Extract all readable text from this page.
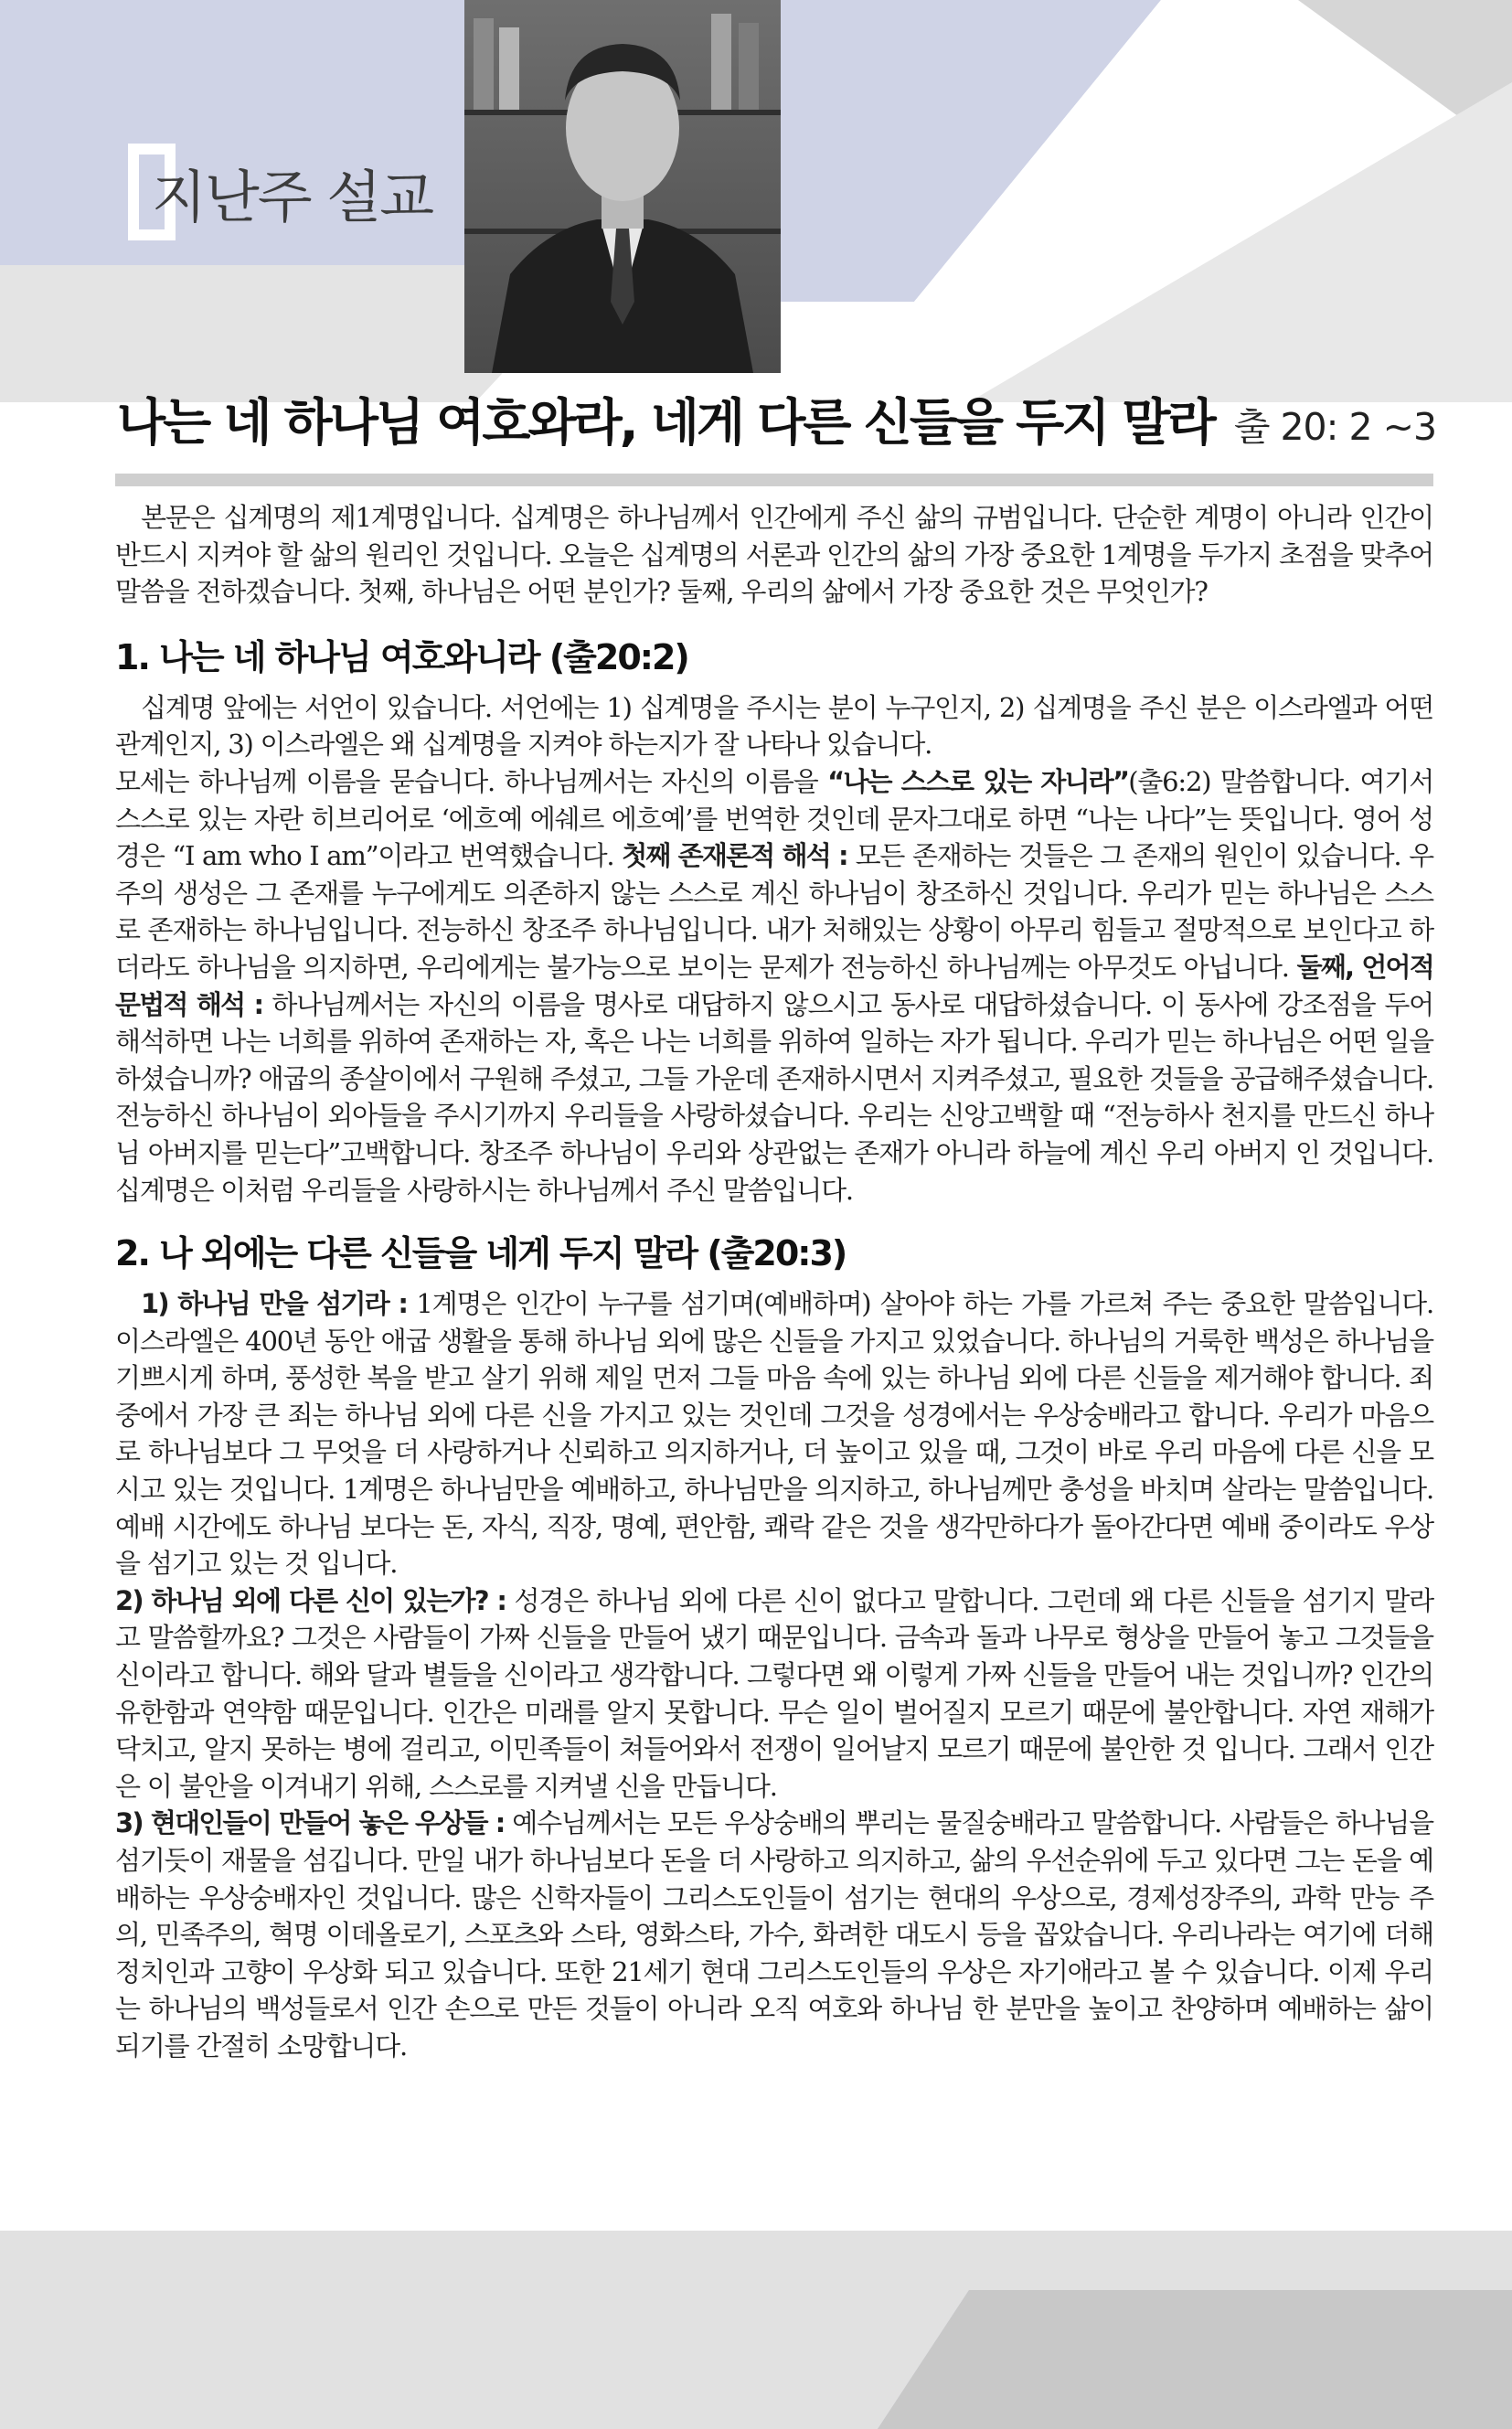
지난주 설교
나는 네 하나님 여호와라, 네게 다른 신들을 두지 말라 출 20: 2 ~3

본문은 십계명의 제1계명입니다. 십계명은 하나님께서 인간에게 주신 삶의 규범입니다. 단순한 계명이 아니라 인간이 반드시 지켜야 할 삶의 원리인 것입니다. 오늘은 십계명의 서론과 인간의 삶의 가장 중요한 1계명을 두가지 초점을 맞추어 말씀을 전하겠습니다. 첫째, 하나님은 어떤 분인가? 둘째, 우리의 삶에서 가장 중요한 것은 무엇인가?

1. 나는 네 하나님 여호와니라 (출20:2)

십계명 앞에는 서언이 있습니다. 서언에는 1) 십계명을 주시는 분이 누구인지, 2) 십계명을 주신 분은 이스라엘과 어떤 관계인지, 3) 이스라엘은 왜 십계명을 지켜야 하는지가 잘 나타나 있습니다.

모세는 하나님께 이름을 묻습니다. 하나님께서는 자신의 이름을 “나는 스스로 있는 자니라”(출6:2) 말씀합니다. 여기서 스스로 있는 자란 히브리어로 ‘에흐예 에쉐르 에흐예’를 번역한 것인데 문자그대로 하면 “나는 나다”는 뜻입니다. 영어 성경은 “I am who I am”이라고 번역했습니다. 첫째 존재론적 해석 : 모든 존재하는 것들은 그 존재의 원인이 있습니다. 우주의 생성은 그 존재를 누구에게도 의존하지 않는 스스로 계신 하나님이 창조하신 것입니다. 우리가 믿는 하나님은 스스로 존재하는 하나님입니다. 전능하신 창조주 하나님입니다. 내가 처해있는 상황이 아무리 힘들고 절망적으로 보인다고 하더라도 하나님을 의지하면, 우리에게는 불가능으로 보이는 문제가 전능하신 하나님께는 아무것도 아닙니다. 둘째, 언어적 문법적 해석 : 하나님께서는 자신의 이름을 명사로 대답하지 않으시고 동사로 대답하셨습니다. 이 동사에 강조점을 두어 해석하면 나는 너희를 위하여 존재하는 자, 혹은 나는 너희를 위하여 일하는 자가 됩니다. 우리가 믿는 하나님은 어떤 일을 하셨습니까? 애굽의 종살이에서 구원해 주셨고, 그들 가운데 존재하시면서 지켜주셨고, 필요한 것들을 공급해주셨습니다. 전능하신 하나님이 외아들을 주시기까지 우리들을 사랑하셨습니다. 우리는 신앙고백할 때 “전능하사 천지를 만드신 하나님 아버지를 믿는다”고백합니다. 창조주 하나님이 우리와 상관없는 존재가 아니라 하늘에 계신 우리 아버지 인 것입니다. 십계명은 이처럼 우리들을 사랑하시는 하나님께서 주신 말씀입니다.

2. 나 외에는 다른 신들을 네게 두지 말라 (출20:3)

1) 하나님 만을 섬기라 : 1계명은 인간이 누구를 섬기며(예배하며) 살아야 하는 가를 가르쳐 주는 중요한 말씀입니다. 이스라엘은 400년 동안 애굽 생활을 통해 하나님 외에 많은 신들을 가지고 있었습니다. 하나님의 거룩한 백성은 하나님을 기쁘시게 하며, 풍성한 복을 받고 살기 위해 제일 먼저 그들 마음 속에 있는 하나님 외에 다른 신들을 제거해야 합니다. 죄 중에서 가장 큰 죄는 하나님 외에 다른 신을 가지고 있는 것인데 그것을 성경에서는 우상숭배라고 합니다. 우리가 마음으로 하나님보다 그 무엇을 더 사랑하거나 신뢰하고 의지하거나, 더 높이고 있을 때, 그것이 바로 우리 마음에 다른 신을 모시고 있는 것입니다. 1계명은 하나님만을 예배하고, 하나님만을 의지하고, 하나님께만 충성을 바치며 살라는 말씀입니다. 예배 시간에도 하나님 보다는 돈, 자식, 직장, 명예, 편안함, 쾌락 같은 것을 생각만하다가 돌아간다면 예배 중이라도 우상을 섬기고 있는 것 입니다.

2) 하나님 외에 다른 신이 있는가? : 성경은 하나님 외에 다른 신이 없다고 말합니다. 그런데 왜 다른 신들을 섬기지 말라고 말씀할까요? 그것은 사람들이 가짜 신들을 만들어 냈기 때문입니다. 금속과 돌과 나무로 형상을 만들어 놓고 그것들을 신이라고 합니다. 해와 달과 별들을 신이라고 생각합니다. 그렇다면 왜 이렇게 가짜 신들을 만들어 내는 것입니까? 인간의 유한함과 연약함 때문입니다. 인간은 미래를 알지 못합니다. 무슨 일이 벌어질지 모르기 때문에 불안합니다. 자연 재해가 닥치고, 알지 못하는 병에 걸리고, 이민족들이 쳐들어와서 전쟁이 일어날지 모르기 때문에 불안한 것 입니다. 그래서 인간은 이 불안을 이겨내기 위해, 스스로를 지켜낼 신을 만듭니다.

3) 현대인들이 만들어 놓은 우상들 : 예수님께서는 모든 우상숭배의 뿌리는 물질숭배라고 말씀합니다. 사람들은 하나님을 섬기듯이 재물을 섬깁니다. 만일 내가 하나님보다 돈을 더 사랑하고 의지하고, 삶의 우선순위에 두고 있다면 그는 돈을 예배하는 우상숭배자인 것입니다. 많은 신학자들이 그리스도인들이 섬기는 현대의 우상으로, 경제성장주의, 과학 만능 주의, 민족주의, 혁명 이데올로기, 스포츠와 스타, 영화스타, 가수, 화려한 대도시 등을 꼽았습니다. 우리나라는 여기에 더해 정치인과 고향이 우상화 되고 있습니다. 또한 21세기 현대 그리스도인들의 우상은 자기애라고 볼 수 있습니다. 이제 우리는 하나님의 백성들로서 인간 손으로 만든 것들이 아니라 오직 여호와 하나님 한 분만을 높이고 찬양하며 예배하는 삶이 되기를 간절히 소망합니다.
